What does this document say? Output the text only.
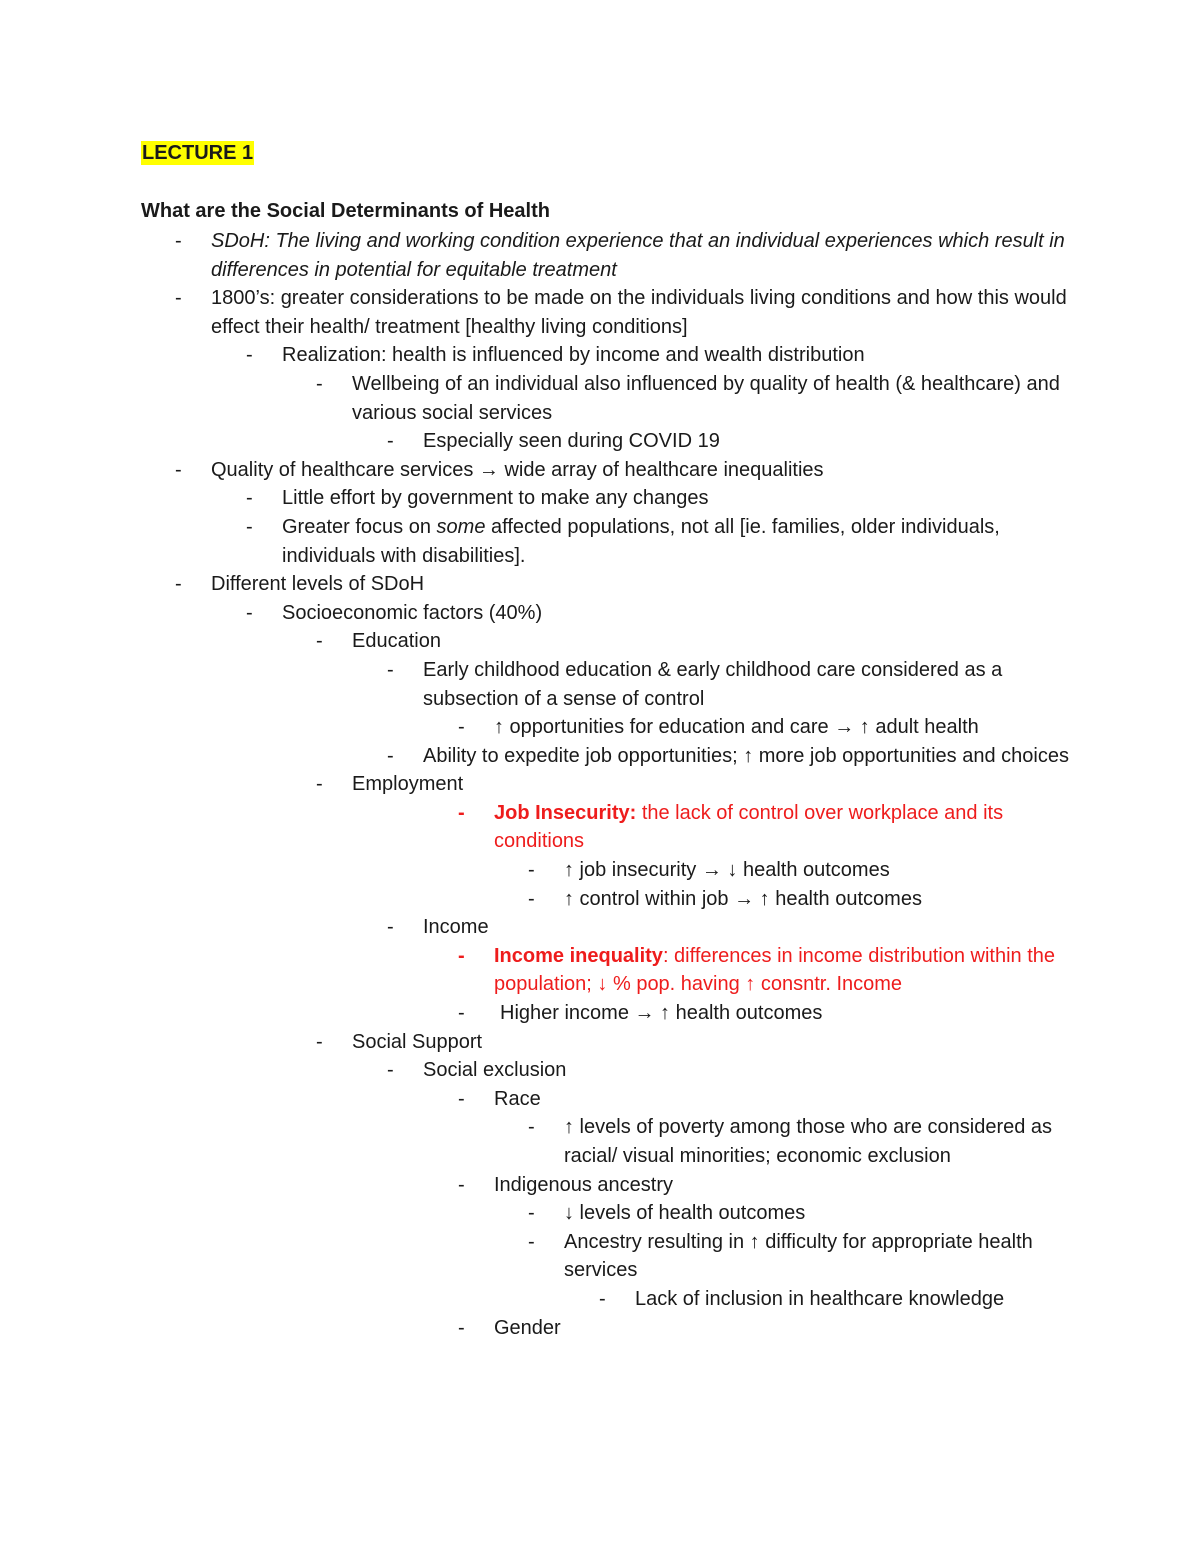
LECTURE 1

What are the Social Determinants of Health

- SDoH: The living and working condition experience that an individual experiences which result in differences in potential for equitable treatment
- 1800’s: greater considerations to be made on the individuals living conditions and how this would effect their health/ treatment [healthy living conditions]
- Realization: health is influenced by income and wealth distribution
- Wellbeing of an individual also influenced by quality of health (& healthcare) and various social services
- Especially seen during COVID 19
- Quality of healthcare services → wide array of healthcare inequalities
- Little effort by government to make any changes
- Greater focus on some affected populations, not all [ie. families, older individuals, individuals with disabilities].
- Different levels of SDoH
- Socioeconomic factors (40%)
- Education
- Early childhood education & early childhood care considered as a subsection of a sense of control
- ↑ opportunities for education and care → ↑ adult health
- Ability to expedite job opportunities; ↑ more job opportunities and choices
- Employment
- Job Insecurity: the lack of control over workplace and its conditions
- ↑ job insecurity → ↓ health outcomes
- ↑ control within job → ↑ health outcomes
- Income
- Income inequality: differences in income distribution within the population; ↓ % pop. having ↑ consntr. Income
- Higher income → ↑ health outcomes
- Social Support
- Social exclusion
- Race
- ↑ levels of poverty among those who are considered as racial/ visual minorities; economic exclusion
- Indigenous ancestry
- ↓ levels of health outcomes
- Ancestry resulting in ↑ difficulty for appropriate health services
- Lack of inclusion in healthcare knowledge
- Gender
